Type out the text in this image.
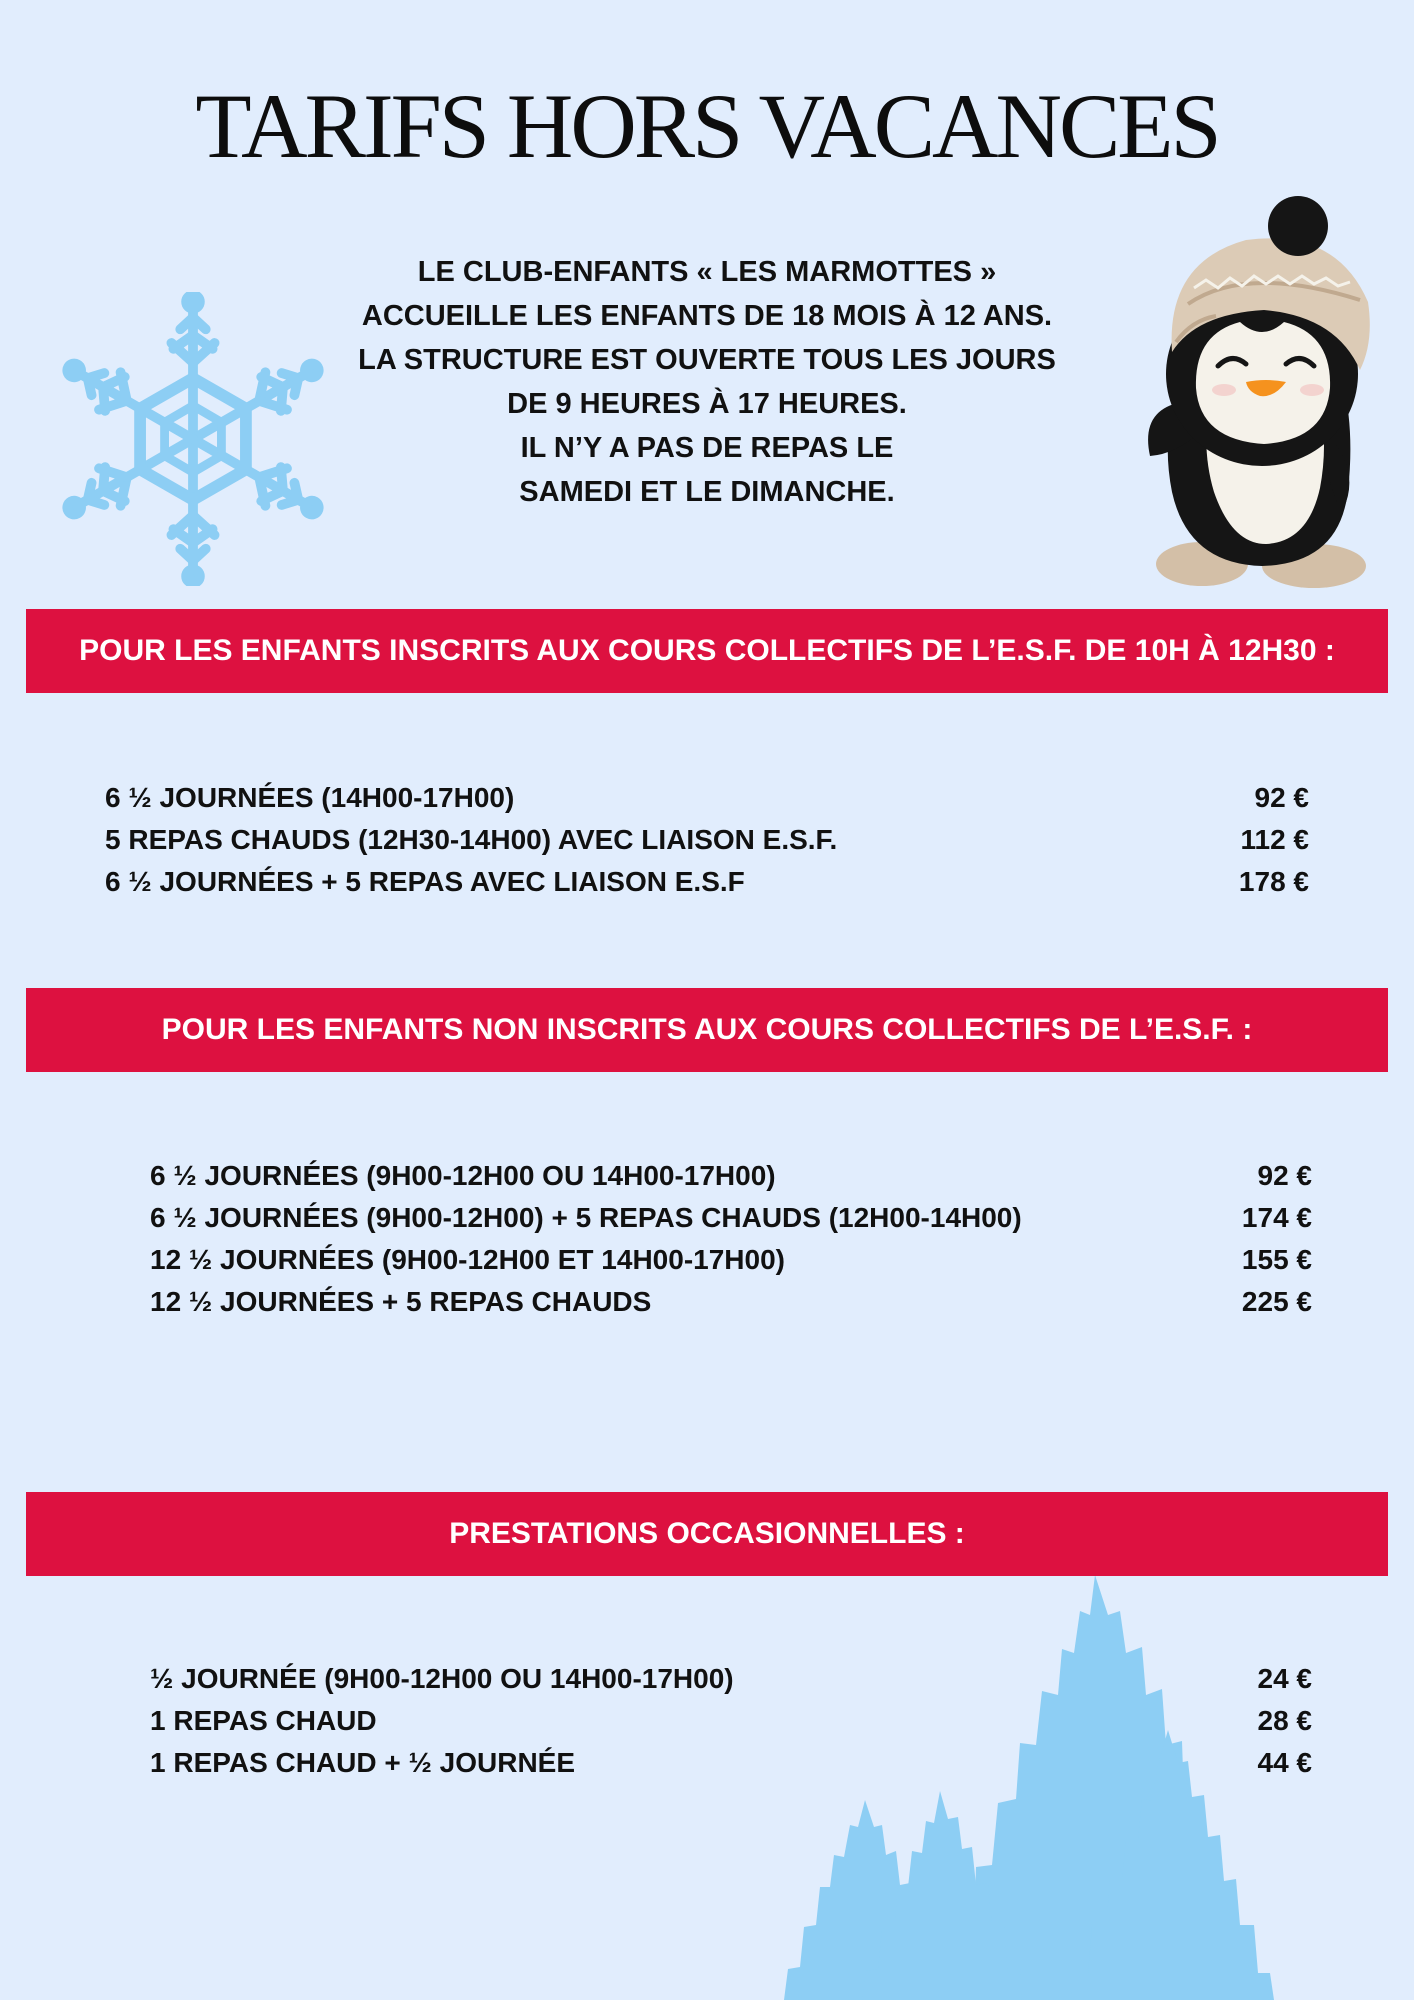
TARIFS HORS VACANCES
LE CLUB-ENFANTS « LES MARMOTTES »
ACCUEILLE LES ENFANTS DE 18 MOIS À 12 ANS.
LA STRUCTURE EST OUVERTE TOUS LES JOURS
DE 9 HEURES À 17 HEURES.
IL N’Y A PAS DE REPAS LE
SAMEDI ET LE DIMANCHE.
POUR LES ENFANTS INSCRITS AUX COURS COLLECTIFS DE L’E.S.F. DE 10H À 12H30 :
6 ½ JOURNÉES (14H00-17H00)	92 €
5 REPAS CHAUDS (12H30-14H00) AVEC LIAISON E.S.F.	112 €
6 ½ JOURNÉES + 5 REPAS AVEC LIAISON E.S.F	178 €
POUR LES ENFANTS NON INSCRITS AUX COURS COLLECTIFS DE L’E.S.F. :
6 ½ JOURNÉES (9H00-12H00 OU 14H00-17H00)	92 €
6 ½ JOURNÉES (9H00-12H00) + 5 REPAS CHAUDS (12H00-14H00)	174 €
12 ½ JOURNÉES (9H00-12H00 ET 14H00-17H00)	155 €
12 ½ JOURNÉES + 5 REPAS CHAUDS	225 €
PRESTATIONS OCCASIONNELLES :
½ JOURNÉE (9H00-12H00 OU 14H00-17H00)	24 €
1 REPAS CHAUD	28 €
1 REPAS CHAUD + ½ JOURNÉE	44 €
